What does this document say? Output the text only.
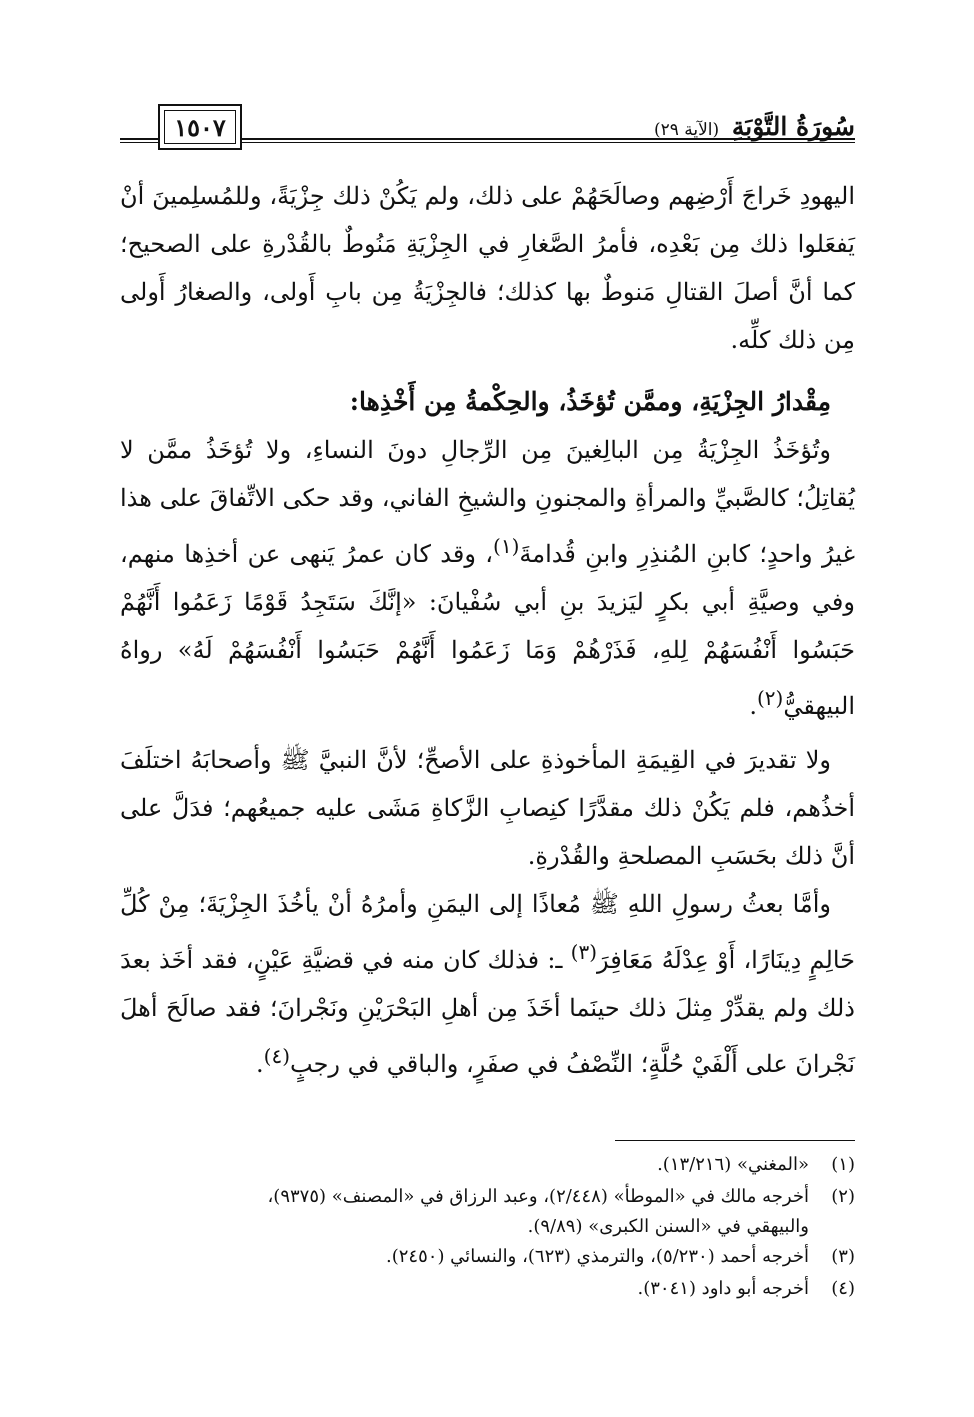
سُورَةُ التَّوْبَةِ (الآية ٢٩)
١٥٠٧

اليهودِ خَراجَ أَرْضِهم وصالَحَهُمْ على ذلك، ولم يَكُنْ ذلك جِزْيَةً، وللمُسلِمينَ أنْ يَفعَلوا ذلك مِن بَعْدِه، فأمرُ الصَّغارِ في الجِزْيَةِ مَنُوطٌ بالقُدْرةِ على الصحيح؛ كما أنَّ أصلَ القتالِ مَنوطٌ بها كذلك؛ فالجِزْيَةُ مِن بابِ أَولى، والصغارُ أَولى مِن ذلك كلِّه.

مِقْدارُ الجِزْيَةِ، وممَّن تُؤخَذُ، والحِكْمةُ مِن أَخْذِها:

وتُؤخَذُ الجِزْيَةُ مِن البالِغينَ مِن الرِّجالِ دونَ النساءِ، ولا تُؤخَذُ ممَّن لا يُقاتِلُ؛ كالصَّبيِّ والمرأةِ والمجنونِ والشيخِ الفاني، وقد حكى الاتِّفاقَ على هذا غيرُ واحدٍ؛ كابنِ المُنذِرِ وابنِ قُدامةَ$^{(١)}$، وقد كان عمرُ يَنهى عن أخذِها منهم، وفي وصيَّةِ أبي بكرٍ ليَزيدَ بنِ أبي سُفْيانَ: «إنَّكَ سَتَجِدُ قَوْمًا زَعَمُوا أَنَّهُمْ حَبَسُوا أَنْفُسَهُمْ لِلهِ، فَذَرْهُمْ وَمَا زَعَمُوا أَنَّهُمْ حَبَسُوا أَنْفُسَهُمْ لَهُ» رواهُ البيهقيُّ$^{(٢)}$.

ولا تقديرَ في القِيمَةِ المأخوذةِ على الأصحِّ؛ لأنَّ النبيَّ ﷺ وأصحابَهُ اختلَفَ أخذُهم، فلم يَكُنْ ذلك مقدَّرًا كنِصابِ الزَّكاةِ مَشَى عليه جميعُهم؛ فدَلَّ على أنَّ ذلك بحَسَبِ المصلحةِ والقُدْرةِ.

وأمَّا بعثُ رسولِ اللهِ ﷺ مُعاذًا إلى اليمَنِ وأمرُهُ أنْ يأخُذَ الجِزْيَةَ؛ مِنْ كُلِّ حَالِمٍ دِينَارًا، أَوْ عِدْلَهُ مَعَافِرَ$^{(٣)}$ ـ: فذلك كان منه في قضيَّةِ عَيْنٍ، فقد أخَذ بعدَ ذلك ولم يقدِّرْ مِثلَ ذلك حينَما أخَذَ مِن أهلِ البَحْرَيْنِ ونَجْرانَ؛ فقد صالَحَ أهلَ نَجْرانَ على أَلْفَيْ حُلَّةٍ؛ النِّصْفُ في صفَرٍ، والباقي في رجبٍ$^{(٤)}$.

(١)
«المغني» (١٣/٢١٦).
(٢)
أخرجه مالك في «الموطأ» (٢/٤٤٨)، وعبد الرزاق في «المصنف» (٩٣٧٥)،
والبيهقي في «السنن الكبرى» (٩/٨٩).
(٣)
أخرجه أحمد (٥/٢٣٠)، والترمذي (٦٢٣)، والنسائي (٢٤٥٠).
(٤)
أخرجه أبو داود (٣٠٤١).
